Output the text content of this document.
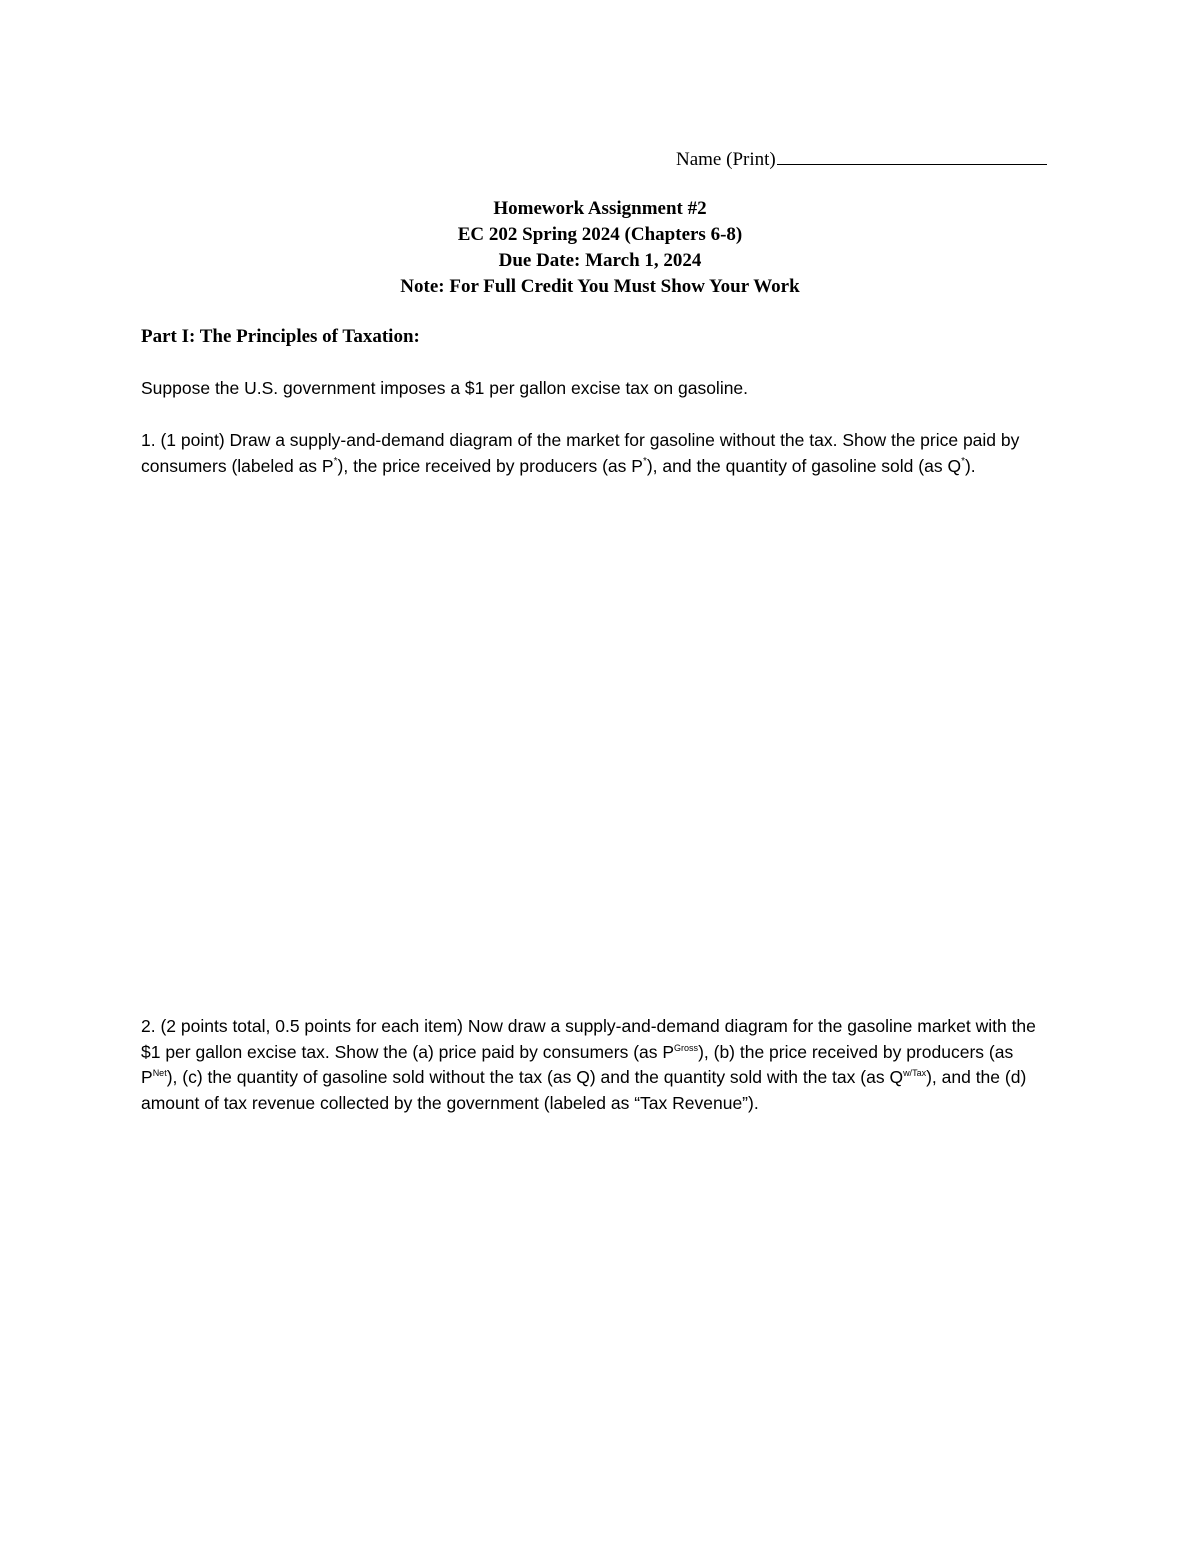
Name (Print)
Homework Assignment #2
EC 202 Spring 2024 (Chapters 6-8)
Due Date: March 1, 2024
Note: For Full Credit You Must Show Your Work
Part I: The Principles of Taxation:
Suppose the U.S. government imposes a $1 per gallon excise tax on gasoline.
1. (1 point) Draw a supply-and-demand diagram of the market for gasoline without the tax. Show the price paid by consumers (labeled as P*), the price received by producers (as P*), and the quantity of gasoline sold (as Q*).
2. (2 points total, 0.5 points for each item) Now draw a supply-and-demand diagram for the gasoline market with the $1 per gallon excise tax. Show the (a) price paid by consumers (as $P^{Gross}$), (b) the price received by producers (as $P^{Net}$), (c) the quantity of gasoline sold without the tax (as Q) and the quantity sold with the tax (as $Q^{w/Tax}$), and the (d) amount of tax revenue collected by the government (labeled as “Tax Revenue”).
